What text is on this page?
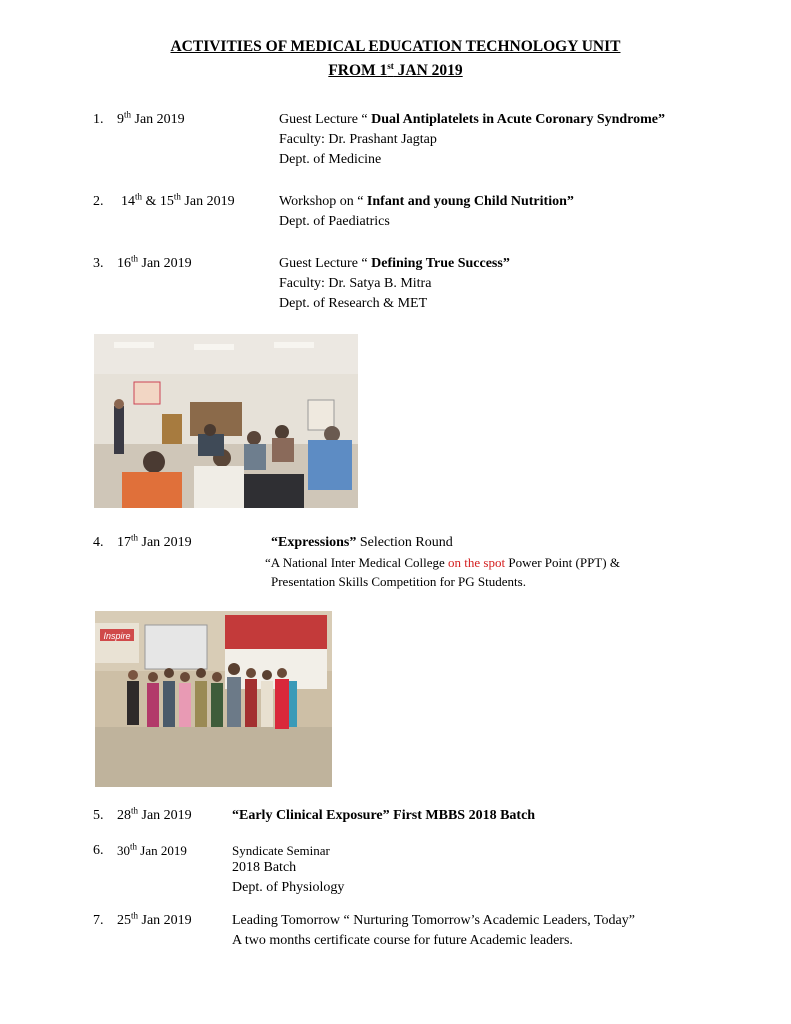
ACTIVITIES OF MEDICAL EDUCATION TECHNOLOGY UNIT
FROM 1st JAN 2019
1. 9th Jan 2019	Guest Lecture “ Dual Antiplatelets in Acute Coronary Syndrome”
Faculty: Dr. Prashant Jagtap
Dept. of Medicine
2. 14th & 15th Jan 2019	Workshop on “ Infant and young Child Nutrition”
Dept. of Paediatrics
3. 16th Jan 2019	Guest Lecture “ Defining True Success”
Faculty: Dr. Satya B. Mitra
Dept. of Research & MET
4. 17th Jan 2019	“Expressions” Selection Round
“A National Inter Medical College on the spot Power Point (PPT) &
Presentation Skills Competition for PG Students.
Inspire
5. 28th Jan 2019	“Early Clinical Exposure” First MBBS 2018 Batch
6. 30th Jan 2019	Syndicate Seminar
2018 Batch
Dept. of Physiology
7. 25th Jan 2019	Leading Tomorrow “ Nurturing Tomorrow’s Academic Leaders, Today”
A two months certificate course for future Academic leaders.
